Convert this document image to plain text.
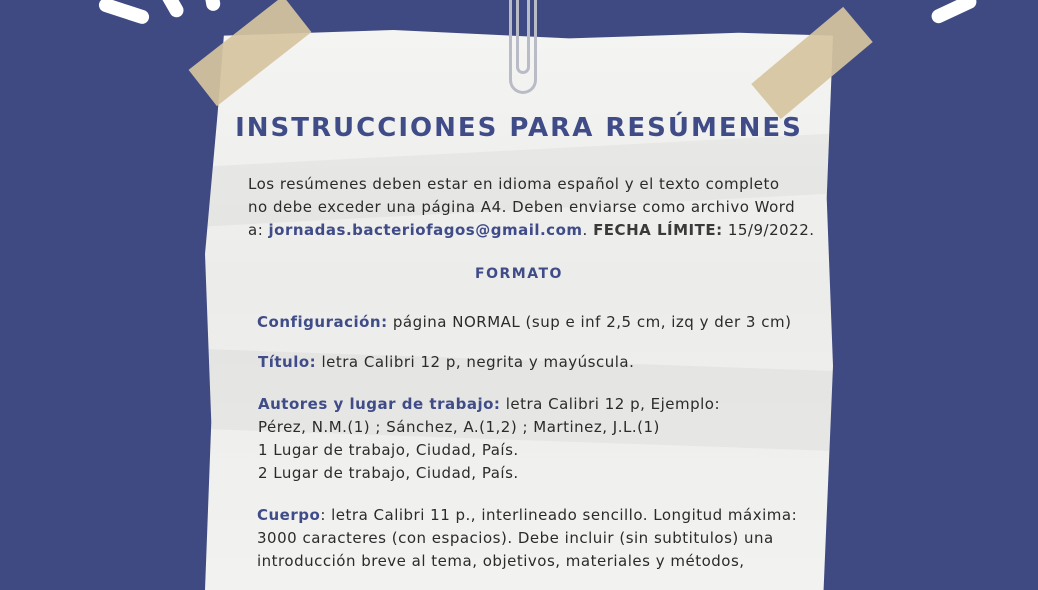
INSTRUCCIONES PARA RESÚMENES
Los resúmenes deben estar en idioma español y el texto completo
no debe exceder una página A4. Deben enviarse como archivo Word
a: jornadas.bacteriofagos@gmail.com. FECHA LÍMITE: 15/9/2022.
FORMATO
Configuración: página NORMAL (sup e inf 2,5 cm, izq y der 3 cm)
Título: letra Calibri 12 p, negrita y mayúscula.
Autores y lugar de trabajo: letra Calibri 12 p, Ejemplo:
Pérez, N.M.(1) ; Sánchez, A.(1,2) ; Martinez, J.L.(1)
1 Lugar de trabajo, Ciudad, País.
2 Lugar de trabajo, Ciudad, País.
Cuerpo: letra Calibri 11 p., interlineado sencillo. Longitud máxima:
3000 caracteres (con espacios). Debe incluir (sin subtitulos) una
introducción breve al tema, objetivos, materiales y métodos,
